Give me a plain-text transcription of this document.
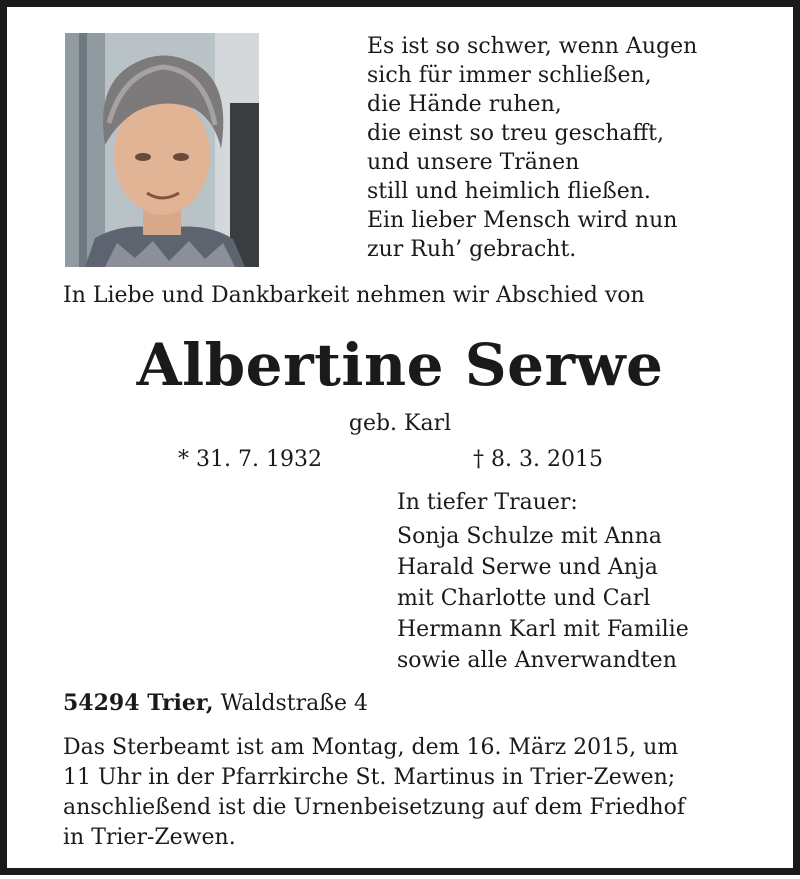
Es ist so schwer, wenn Augen
sich für immer schließen,
die Hände ruhen,
die einst so treu geschafft,
und unsere Tränen
still und heimlich fließen.
Ein lieber Mensch wird nun
zur Ruh’ gebracht.
In Liebe und Dankbarkeit nehmen wir Abschied von
Albertine Serwe
geb. Karl
* 31. 7. 1932	† 8. 3. 2015
In tiefer Trauer:
Sonja Schulze mit Anna
Harald Serwe und Anja
mit Charlotte und Carl
Hermann Karl mit Familie
sowie alle Anverwandten
54294 Trier, Waldstraße 4
Das Sterbeamt ist am Montag, dem 16. März 2015, um
11 Uhr in der Pfarrkirche St. Martinus in Trier-Zewen;
anschließend ist die Urnenbeisetzung auf dem Friedhof
in Trier-Zewen.
